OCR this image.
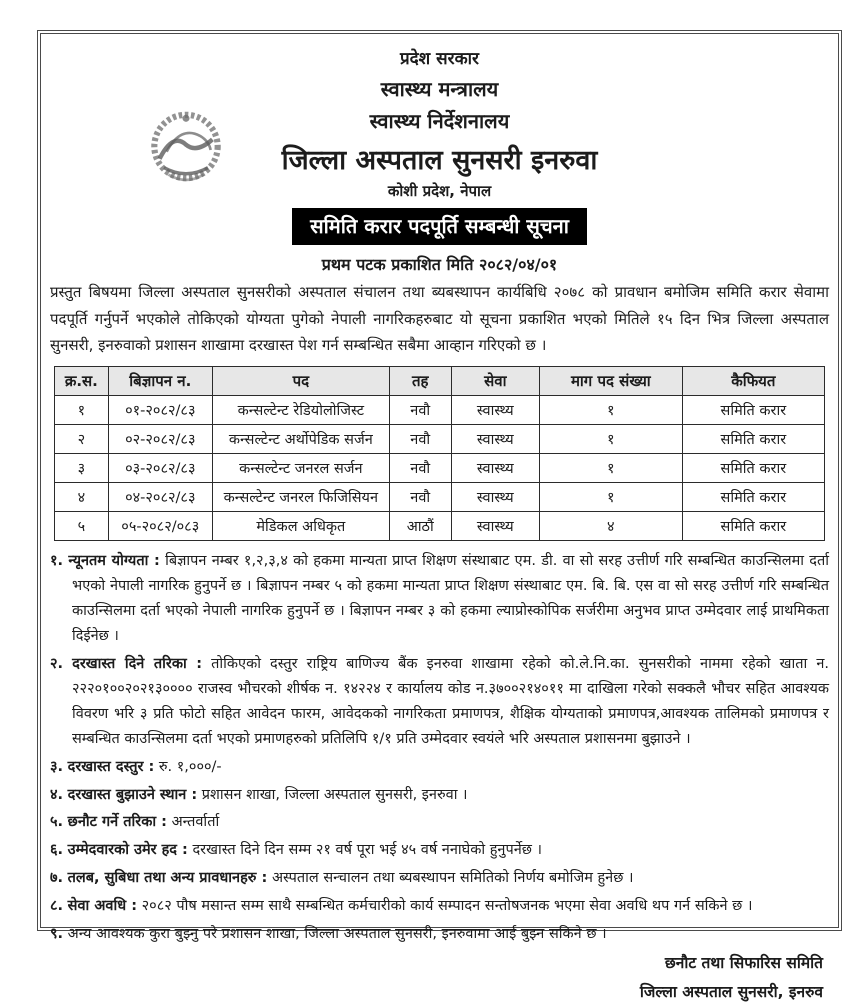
प्रदेश सरकार
स्वास्थ्य मन्त्रालय
स्वास्थ्य निर्देशनालय
जिल्ला अस्पताल सुनसरी इनरुवा
कोशी प्रदेश, नेपाल
समिति करार पदपूर्ति सम्बन्धी सूचना
प्रथम पटक प्रकाशित मिति २०८२/०४/०१

प्रस्तुत बिषयमा जिल्ला अस्पताल सुनसरीको अस्पताल संचालन तथा ब्यबस्थापन कार्यबिधि २०७८ को प्रावधान बमोजिम समिति करार सेवामा पदपूर्ति गर्नुपर्ने भएकोले तोकिएको योग्यता पुगेको नेपाली नागरिकहरुबाट यो सूचना प्रकाशित भएको मितिले १५ दिन भित्र जिल्ला अस्पताल सुनसरी, इनरुवाको प्रशासन शाखामा दरखास्त पेश गर्न सम्बन्धित सबैमा आव्हान गरिएको छ ।

क्र.स.	बिज्ञापन न.	पद	तह	सेवा	माग पद संख्या	कैफियत
१	०१-२०८२/८३	कन्सल्टेन्ट रेडियोलोजिस्ट	नवौ	स्वास्थ्य	१	समिति करार
२	०२-२०८२/८३	कन्सल्टेन्ट अर्थोपेडिक सर्जन	नवौ	स्वास्थ्य	१	समिति करार
३	०३-२०८२/८३	कन्सल्टेन्ट जनरल सर्जन	नवौ	स्वास्थ्य	१	समिति करार
४	०४-२०८२/८३	कन्सल्टेन्ट जनरल फिजिसियन	नवौ	स्वास्थ्य	१	समिति करार
५	०५-२०८२/०८३	मेडिकल अधिकृत	आठौं	स्वास्थ्य	४	समिति करार
१. न्यूनतम योग्यता : बिज्ञापन नम्बर १,२,३,४ को हकमा मान्यता प्राप्त शिक्षण संस्थाबाट एम. डी. वा सो सरह उत्तीर्ण गरि सम्बन्धित काउन्सिलमा दर्ता भएको नेपाली नागरिक हुनुपर्ने छ । बिज्ञापन नम्बर ५ को हकमा मान्यता प्राप्त शिक्षण संस्थाबाट एम. बि. बि. एस वा सो सरह उत्तीर्ण गरि सम्बन्धित काउन्सिलमा दर्ता भएको नेपाली नागरिक हुनुपर्ने छ । बिज्ञापन नम्बर ३ को हकमा ल्याप्रोस्कोपिक सर्जरीमा अनुभव प्राप्त उम्मेदवार लाई प्राथमिकता दिईनेछ ।
२. दरखास्त दिने तरिका : तोकिएको दस्तुर राष्ट्रिय बाणिज्य बैंक इनरुवा शाखामा रहेको को.ले.नि.का. सुनसरीको नाममा रहेको खाता न. २२२०१००२०२१३०००० राजस्व भौचरको शीर्षक न. १४२२४ र कार्यालय कोड न.३७००२१४०११ मा दाखिला गरेको सक्कलै भौचर सहित आवश्यक विवरण भरि ३ प्रति फोटो सहित आवेदन फारम, आवेदकको नागरिकता प्रमाणपत्र, शैक्षिक योग्यताको प्रमाणपत्र,आवश्यक तालिमको प्रमाणपत्र र सम्बन्धित काउन्सिलमा दर्ता भएको प्रमाणहरुको प्रतिलिपि १/१ प्रति उम्मेदवार स्वयंले भरि अस्पताल प्रशासनमा बुझाउने ।
३. दरखास्त दस्तुर : रु. १,०००/-
४. दरखास्त बुझाउने स्थान : प्रशासन शाखा, जिल्ला अस्पताल सुनसरी, इनरुवा ।
५. छनौट गर्ने तरिका : अन्तर्वार्ता
६. उम्मेदवारको उमेर हद : दरखास्त दिने दिन सम्म २१ वर्ष पूरा भई ४५ वर्ष ननाघेको हुनुपर्नेछ ।
७. तलब, सुबिधा तथा अन्य प्रावधानहरु : अस्पताल सन्चालन तथा ब्यबस्थापन समितिको निर्णय बमोजिम हुनेछ ।
८. सेवा अवधि : २०८२ पौष मसान्त सम्म साथै सम्बन्धित कर्मचारीको कार्य सम्पादन सन्तोषजनक भएमा सेवा अवधि थप गर्न सकिने छ ।
९. अन्य आवश्यक कुरा बुझ्नु परे प्रशासन शाखा, जिल्ला अस्पताल सुनसरी, इनरुवामा आई बुझ्न सकिने छ ।
छनौट तथा सिफारिस समिति
जिल्ला अस्पताल सुनसरी, इनरुव
